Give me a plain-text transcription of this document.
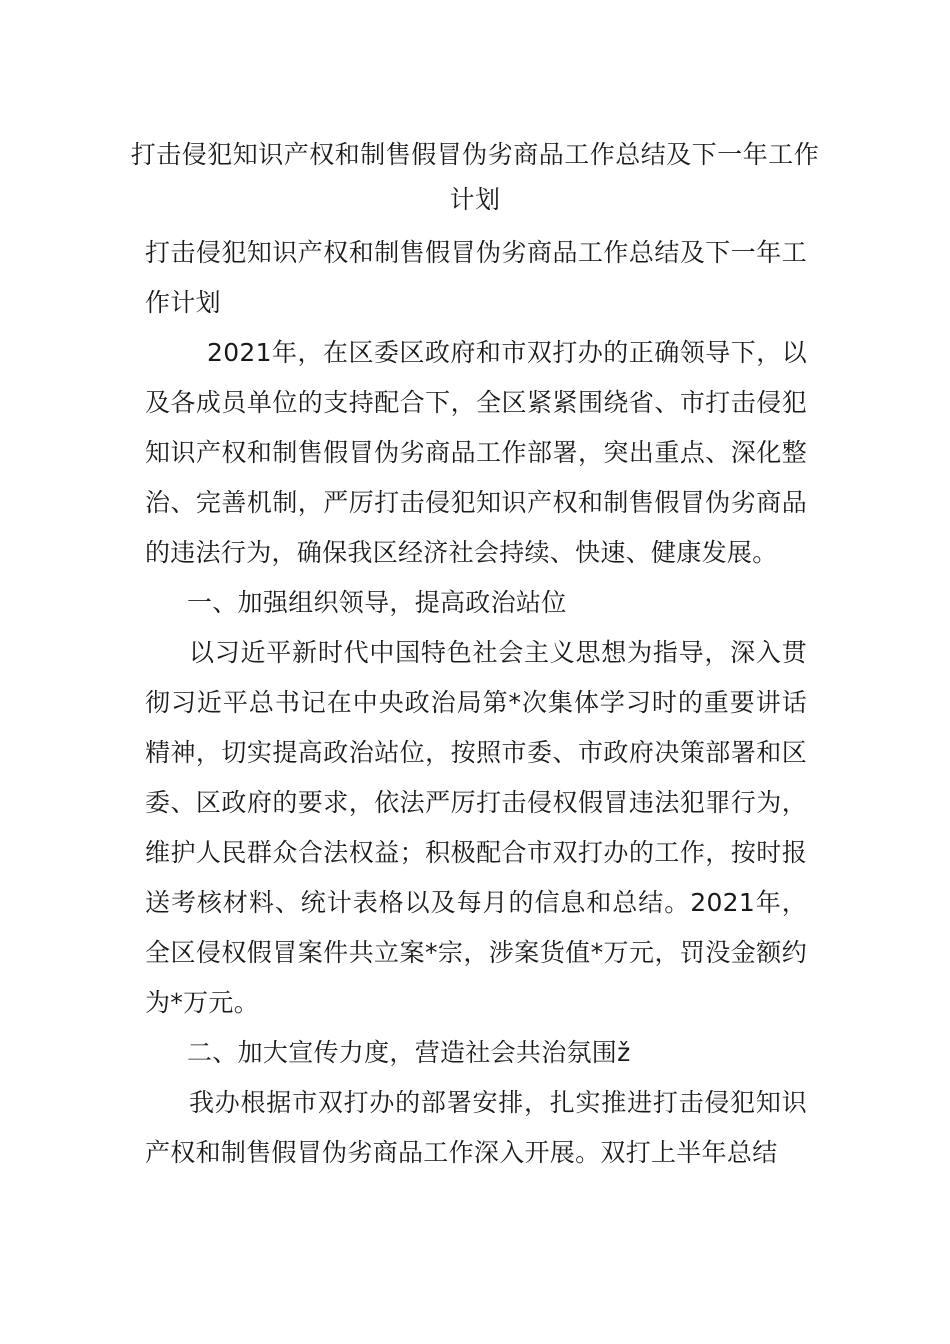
打击侵犯知识产权和制售假冒伪劣商品工作总结及下一年工作计划

打击侵犯知识产权和制售假冒伪劣商品工作总结及下一年工作计划

2021年，在区委区政府和市双打办的正确领导下，以及各成员单位的支持配合下，全区紧紧围绕省、市打击侵犯知识产权和制售假冒伪劣商品工作部署，突出重点、深化整治、完善机制，严厉打击侵犯知识产权和制售假冒伪劣商品的违法行为，确保我区经济社会持续、快速、健康发展。

一、加强组织领导，提高政治站位

以习近平新时代中国特色社会主义思想为指导，深入贯彻习近平总书记在中央政治局第*次集体学习时的重要讲话精神，切实提高政治站位，按照市委、市政府决策部署和区委、区政府的要求，依法严厉打击侵权假冒违法犯罪行为，维护人民群众合法权益；积极配合市双打办的工作，按时报送考核材料、统计表格以及每月的信息和总结。2021年，全区侵权假冒案件共立案*宗，涉案货值*万元，罚没金额约为*万元。

二、加大宣传力度，营造社会共治氛围ž

我办根据市双打办的部署安排，扎实推进打击侵犯知识产权和制售假冒伪劣商品工作深入开展。双打上半年总结
